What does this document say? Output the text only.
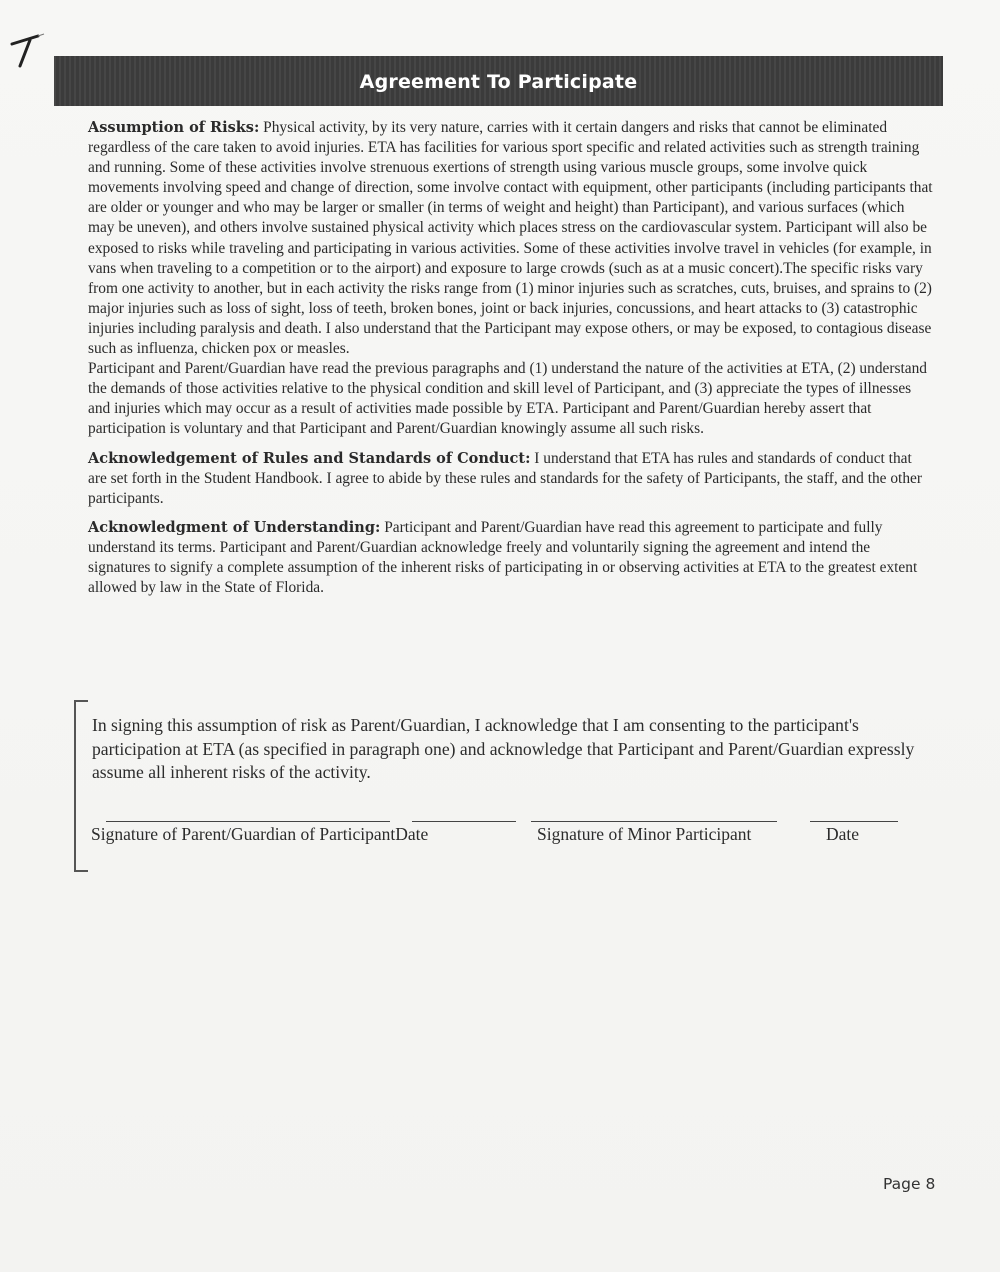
Agreement To Participate

Assumption of Risks: Physical activity, by its very nature, carries with it certain dangers and risks that cannot be eliminated regardless of the care taken to avoid injuries. ETA has facilities for various sport specific and related activities such as strength training and running. Some of these activities involve strenuous exertions of strength using various muscle groups, some involve quick movements involving speed and change of direction, some involve contact with equipment, other participants (including participants that are older or younger and who may be larger or smaller (in terms of weight and height) than Participant), and various surfaces (which may be uneven), and others involve sustained physical activity which places stress on the cardiovascular system. Participant will also be exposed to risks while traveling and participating in various activities. Some of these activities involve travel in vehicles (for example, in vans when traveling to a competition or to the airport) and exposure to large crowds (such as at a music concert).The specific risks vary from one activity to another, but in each activity the risks range from (1) minor injuries such as scratches, cuts, bruises, and sprains to (2) major injuries such as loss of sight, loss of teeth, broken bones, joint or back injuries, concussions, and heart attacks to (3) catastrophic injuries including paralysis and death. I also understand that the Participant may expose others, or may be exposed, to contagious disease such as influenza, chicken pox or measles.

Participant and Parent/Guardian have read the previous paragraphs and (1) understand the nature of the activities at ETA, (2) understand the demands of those activities relative to the physical condition and skill level of Participant, and (3) appreciate the types of illnesses and injuries which may occur as a result of activities made possible by ETA. Participant and Parent/Guardian hereby assert that participation is voluntary and that Participant and Parent/Guardian knowingly assume all such risks.

Acknowledgement of Rules and Standards of Conduct: I understand that ETA has rules and standards of conduct that are set forth in the Student Handbook. I agree to abide by these rules and standards for the safety of Participants, the staff, and the other

participants.

Acknowledgment of Understanding: Participant and Parent/Guardian have read this agreement to participate and fully understand its terms. Participant and Parent/Guardian acknowledge freely and voluntarily signing the agreement and intend the signatures to signify a complete assumption of the inherent risks of participating in or observing activities at ETA to the greatest extent allowed by law in the State of Florida.

In signing this assumption of risk as Parent/Guardian, I acknowledge that I am consenting to the participant's participation at ETA (as specified in paragraph one) and acknowledge that Participant and Parent/Guardian expressly assume all inherent risks of the activity.

Signature of Parent/Guardian of ParticipantDate	Signature of Minor Participant	Date
Page 8
